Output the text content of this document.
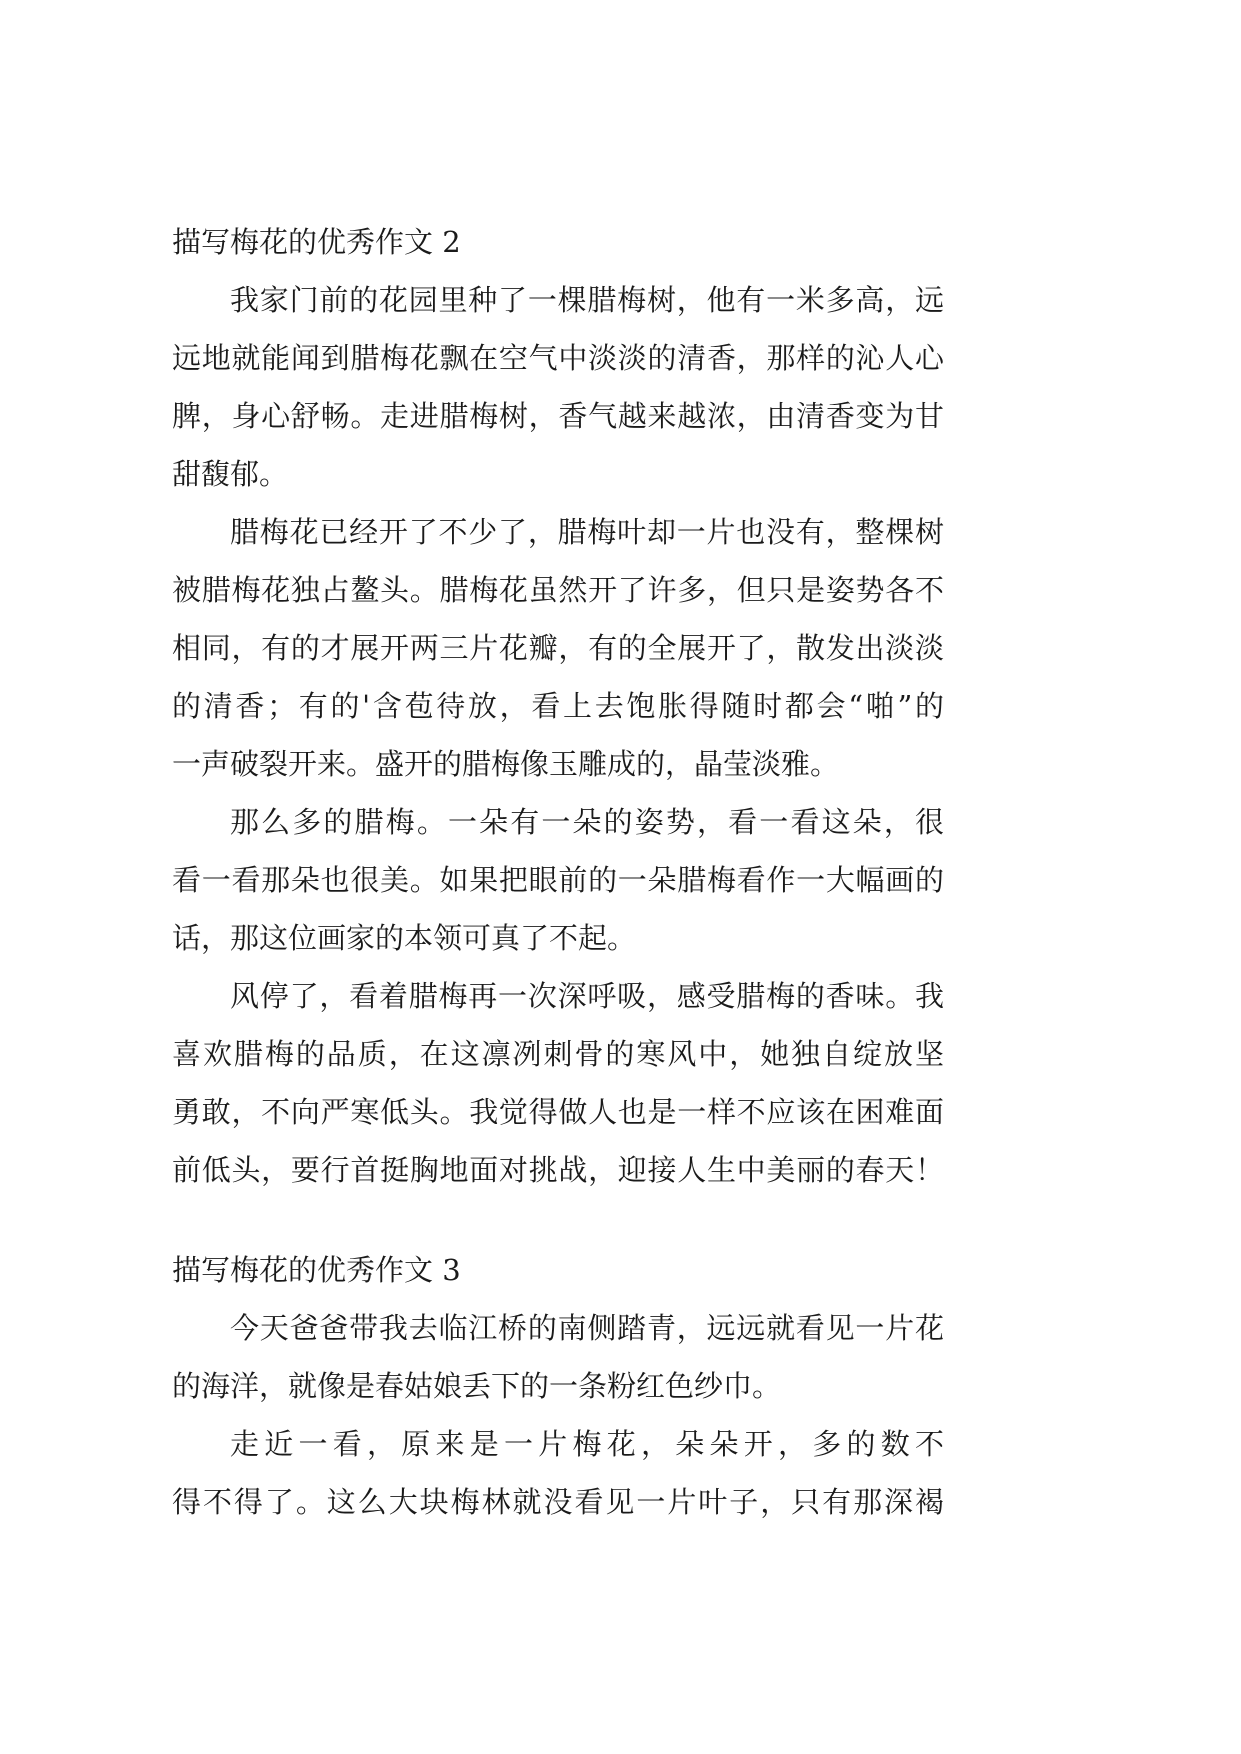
描写梅花的优秀作文 2
我家门前的花园里种了一棵腊梅树，他有一米多高，远
远地就能闻到腊梅花飘在空气中淡淡的清香，那样的沁人心
脾，身心舒畅。走进腊梅树，香气越来越浓，由清香变为甘
甜馥郁。
腊梅花已经开了不少了，腊梅叶却一片也没有，整棵树
被腊梅花独占鳌头。腊梅花虽然开了许多，但只是姿势各不
相同，有的才展开两三片花瓣，有的全展开了，散发出淡淡
的清香；有的'含苞待放，看上去饱胀得随时都会“啪”的
一声破裂开来。盛开的腊梅像玉雕成的，晶莹淡雅。
那么多的腊梅。一朵有一朵的姿势，看一看这朵，很
看一看那朵也很美。如果把眼前的一朵腊梅看作一大幅画的
话，那这位画家的本领可真了不起。
风停了，看着腊梅再一次深呼吸，感受腊梅的香味。我
喜欢腊梅的品质，在这凛冽刺骨的寒风中，她独自绽放坚
勇敢，不向严寒低头。我觉得做人也是一样不应该在困难面
前低头，要行首挺胸地面对挑战，迎接人生中美丽的春天！
描写梅花的优秀作文 3
今天爸爸带我去临江桥的南侧踏青，远远就看见一片花
的海洋，就像是春姑娘丢下的一条粉红色纱巾。
走近一看，原来是一片梅花，朵朵开，多的数不
得不得了。这么大块梅林就没看见一片叶子，只有那深褐
